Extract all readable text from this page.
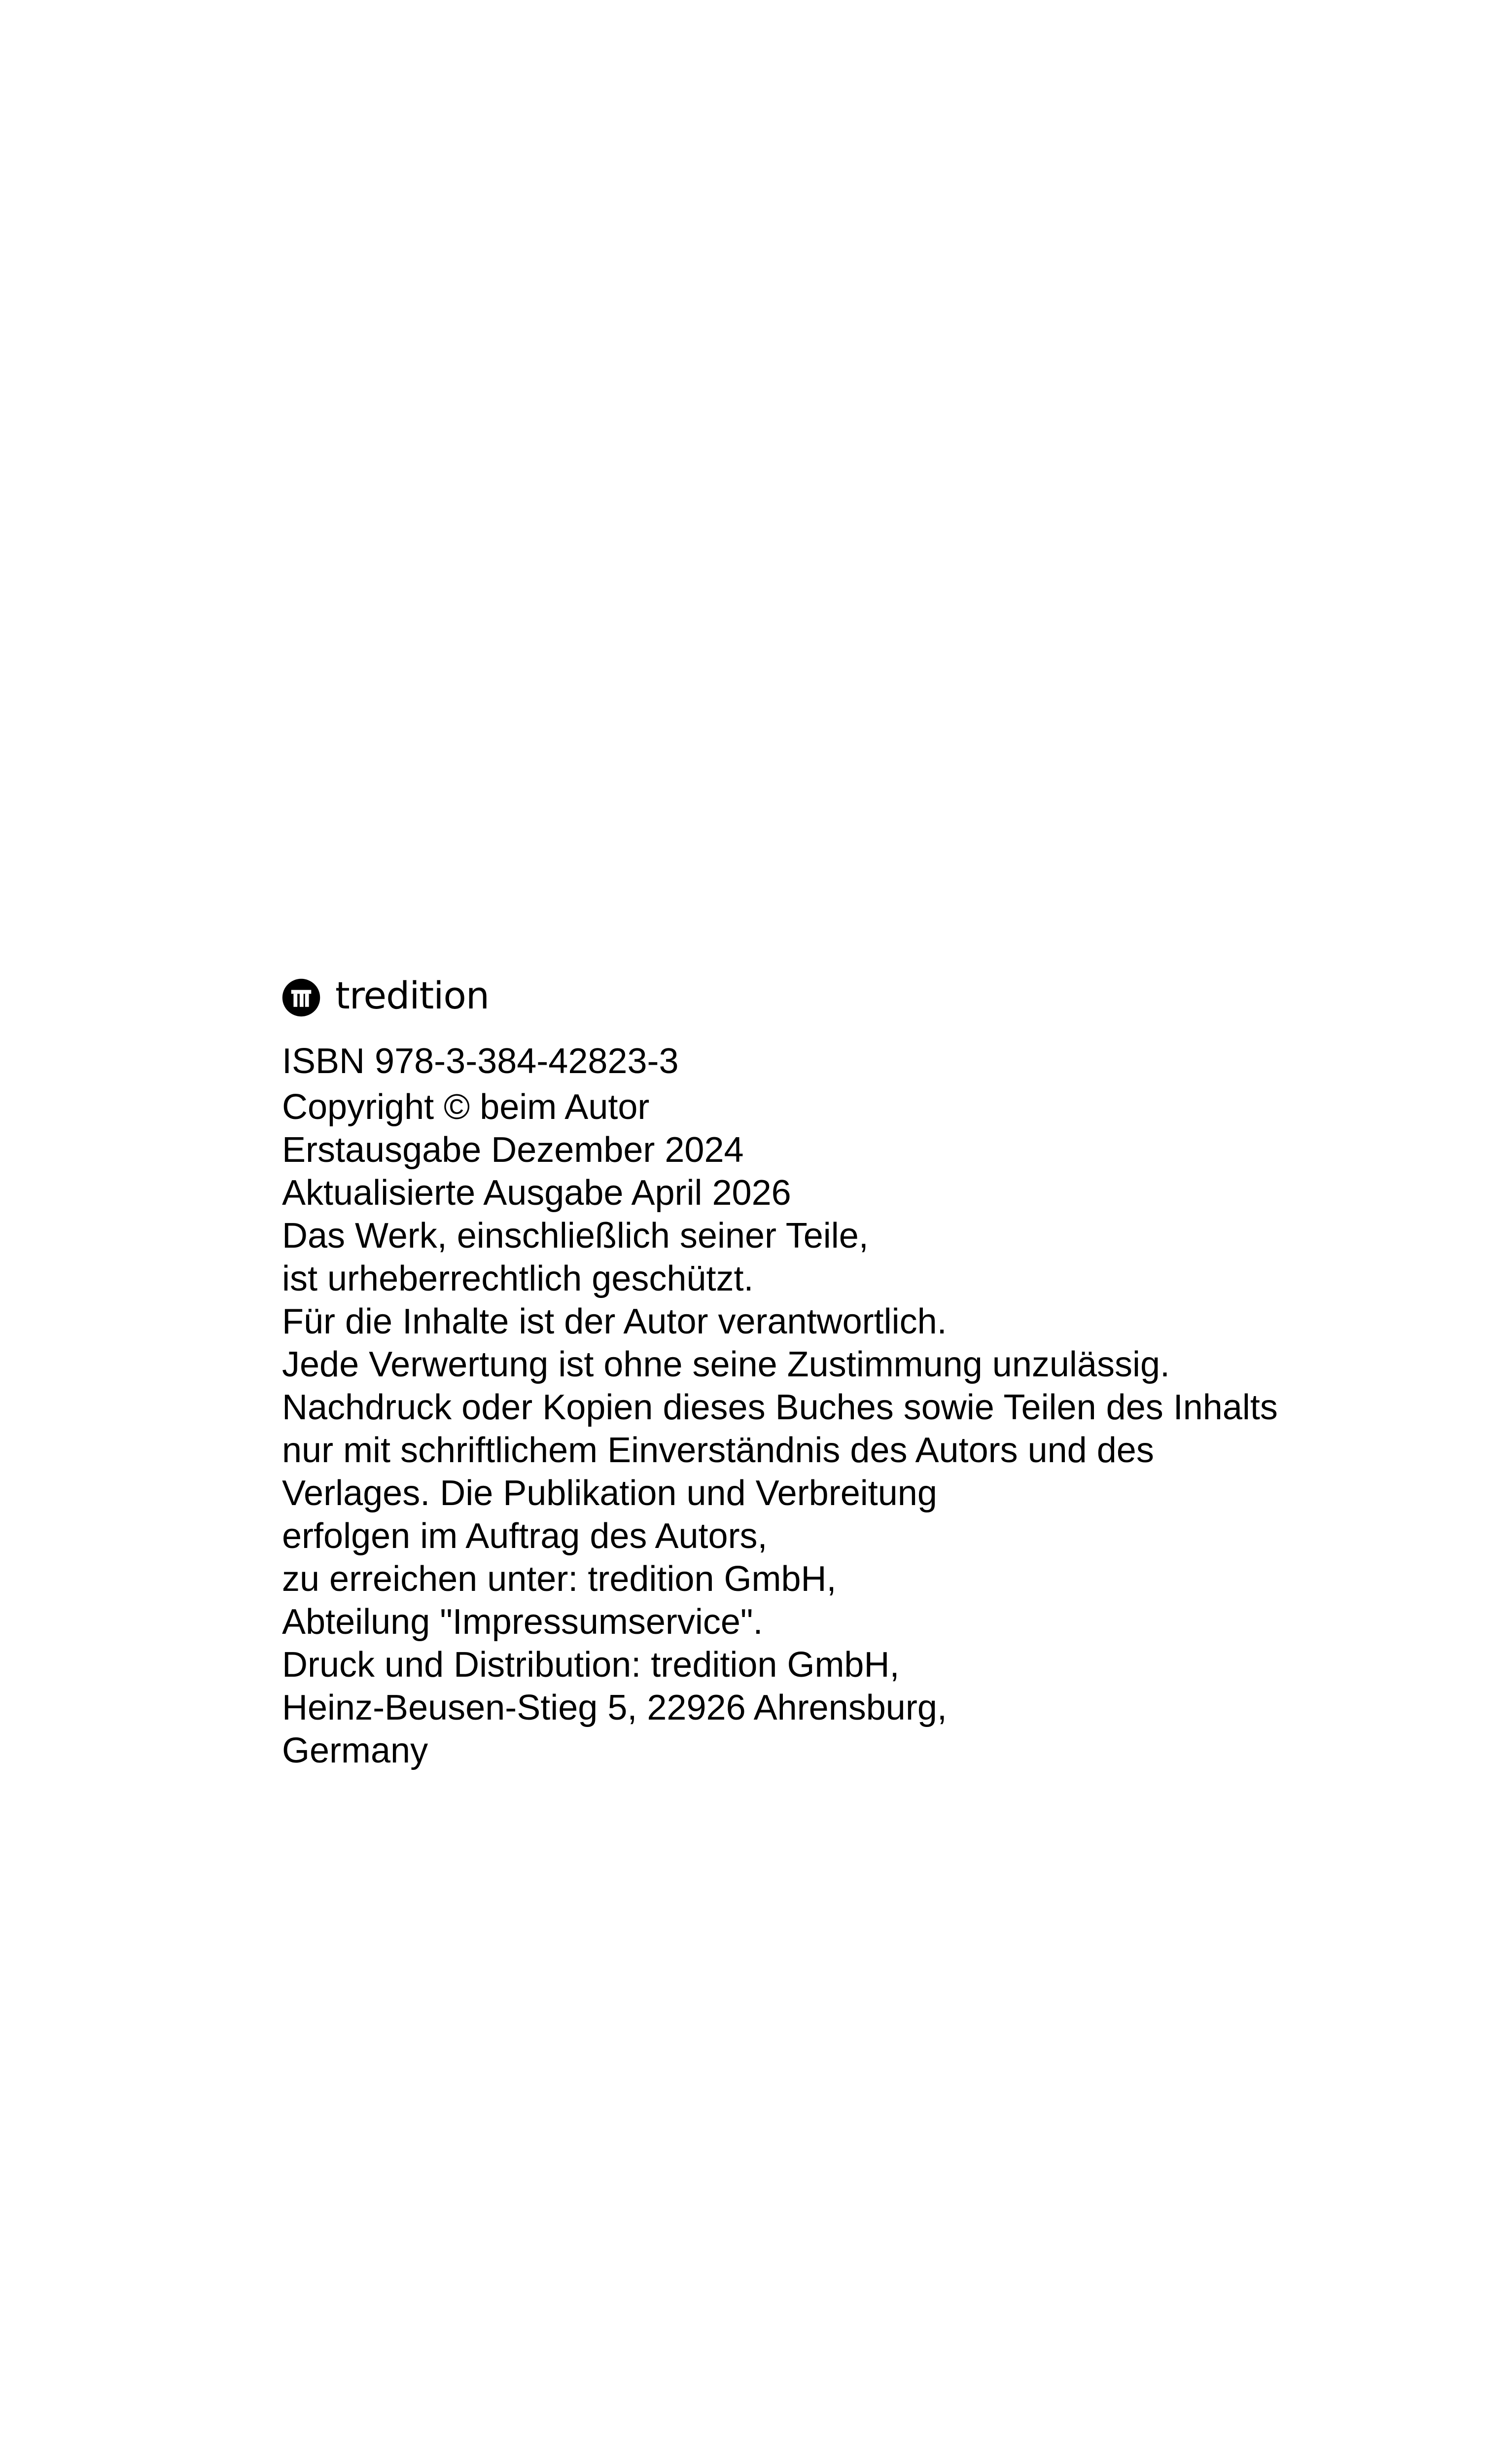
tredition
ISBN 978-3-384-42823-3
Copyright © beim Autor
Erstausgabe Dezember 2024
Aktualisierte Ausgabe April 2026
Das Werk, einschließlich seiner Teile,
ist urheberrechtlich geschützt.
Für die Inhalte ist der Autor verantwortlich.
Jede Verwertung ist ohne seine Zustimmung unzulässig.
Nachdruck oder Kopien dieses Buches sowie Teilen des Inhalts
nur mit schriftlichem Einverständnis des Autors und des
Verlages. Die Publikation und Verbreitung
erfolgen im Auftrag des Autors,
zu erreichen unter: tredition GmbH,
Abteilung "Impressumservice".
Druck und Distribution: tredition GmbH,
Heinz-Beusen-Stieg 5, 22926 Ahrensburg,
Germany
